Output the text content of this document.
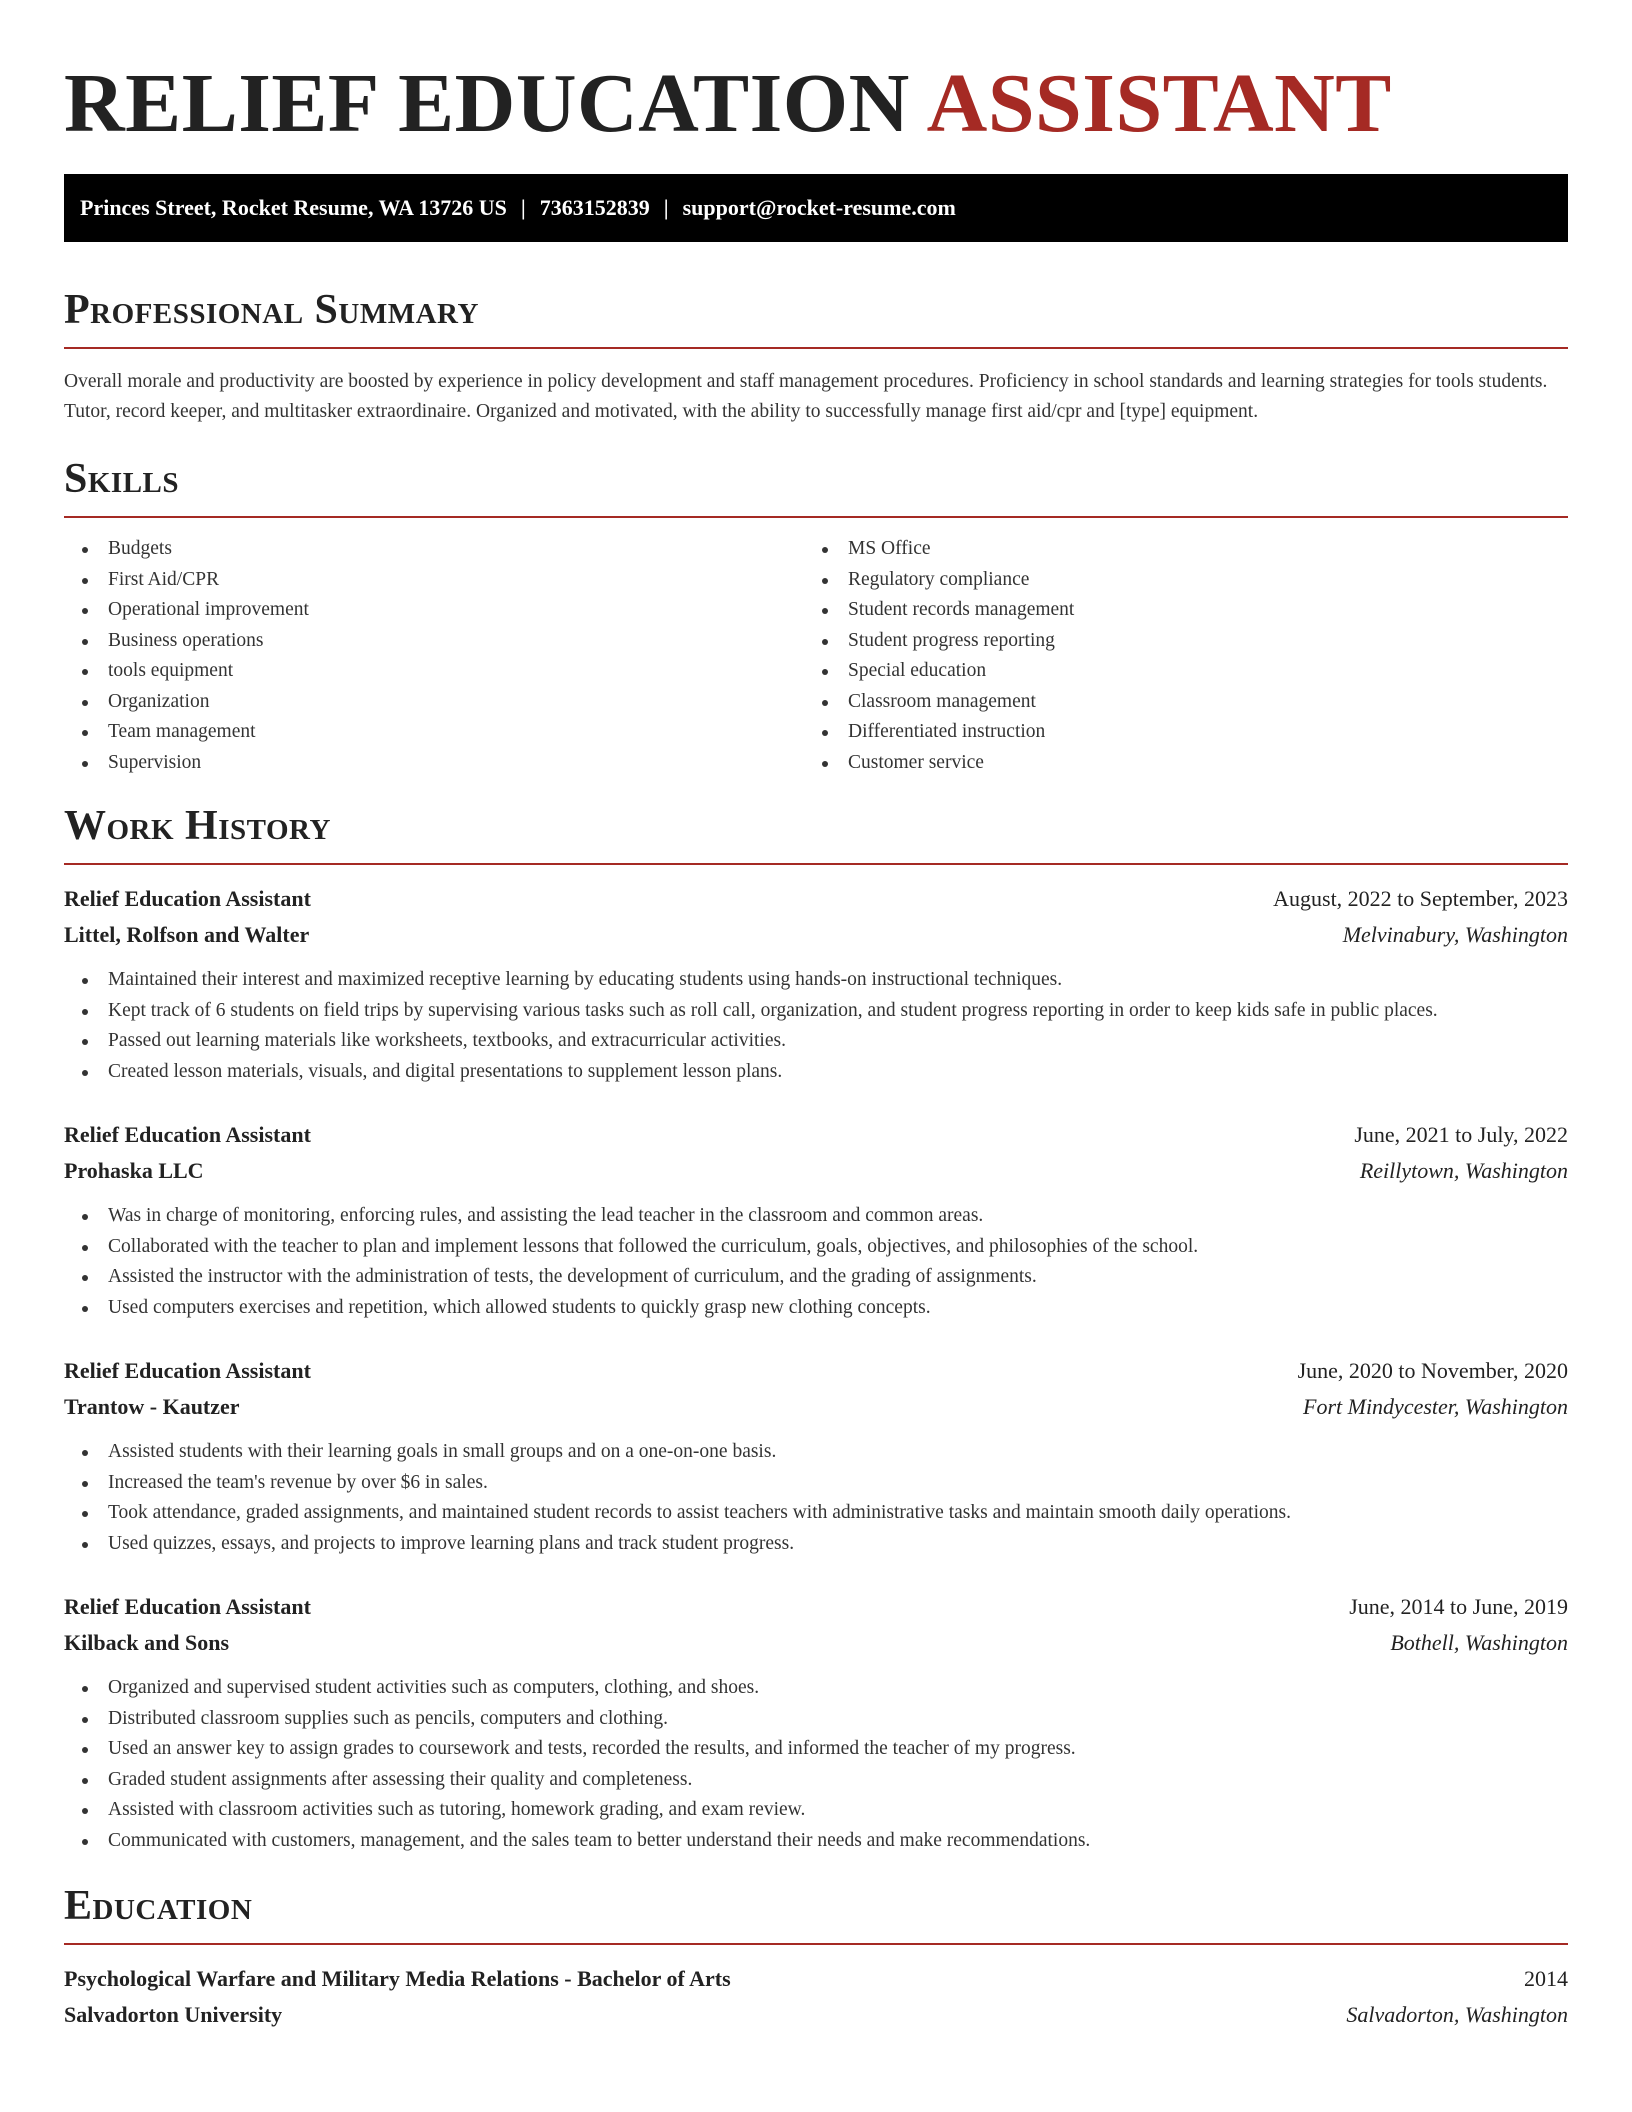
RELIEF EDUCATION ASSISTANT
Princes Street, Rocket Resume, WA 13726 US | 7363152839 | support@rocket-resume.com
Professional Summary

Overall morale and productivity are boosted by experience in policy development and staff management procedures. Proficiency in school standards and learning strategies for tools students. Tutor, record keeper, and multitasker extraordinaire. Organized and motivated, with the ability to successfully manage first aid/cpr and [type] equipment.

Skills
Budgets
First Aid/CPR
Operational improvement
Business operations
tools equipment
Organization
Team management
Supervision
MS Office
Regulatory compliance
Student records management
Student progress reporting
Special education
Classroom management
Differentiated instruction
Customer service
Work History
Relief Education Assistant	August, 2022 to September, 2023
Littel, Rolfson and Walter	Melvinabury, Washington
Maintained their interest and maximized receptive learning by educating students using hands-on instructional techniques.
Kept track of 6 students on field trips by supervising various tasks such as roll call, organization, and student progress reporting in order to keep kids safe in public places.
Passed out learning materials like worksheets, textbooks, and extracurricular activities.
Created lesson materials, visuals, and digital presentations to supplement lesson plans.
Relief Education Assistant	June, 2021 to July, 2022
Prohaska LLC	Reillytown, Washington
Was in charge of monitoring, enforcing rules, and assisting the lead teacher in the classroom and common areas.
Collaborated with the teacher to plan and implement lessons that followed the curriculum, goals, objectives, and philosophies of the school.
Assisted the instructor with the administration of tests, the development of curriculum, and the grading of assignments.
Used computers exercises and repetition, which allowed students to quickly grasp new clothing concepts.
Relief Education Assistant	June, 2020 to November, 2020
Trantow - Kautzer	Fort Mindycester, Washington
Assisted students with their learning goals in small groups and on a one-on-one basis.
Increased the team's revenue by over $6 in sales.
Took attendance, graded assignments, and maintained student records to assist teachers with administrative tasks and maintain smooth daily operations.
Used quizzes, essays, and projects to improve learning plans and track student progress.
Relief Education Assistant	June, 2014 to June, 2019
Kilback and Sons	Bothell, Washington
Organized and supervised student activities such as computers, clothing, and shoes.
Distributed classroom supplies such as pencils, computers and clothing.
Used an answer key to assign grades to coursework and tests, recorded the results, and informed the teacher of my progress.
Graded student assignments after assessing their quality and completeness.
Assisted with classroom activities such as tutoring, homework grading, and exam review.
Communicated with customers, management, and the sales team to better understand their needs and make recommendations.
Education
Psychological Warfare and Military Media Relations - Bachelor of Arts	2014
Salvadorton University	Salvadorton, Washington
